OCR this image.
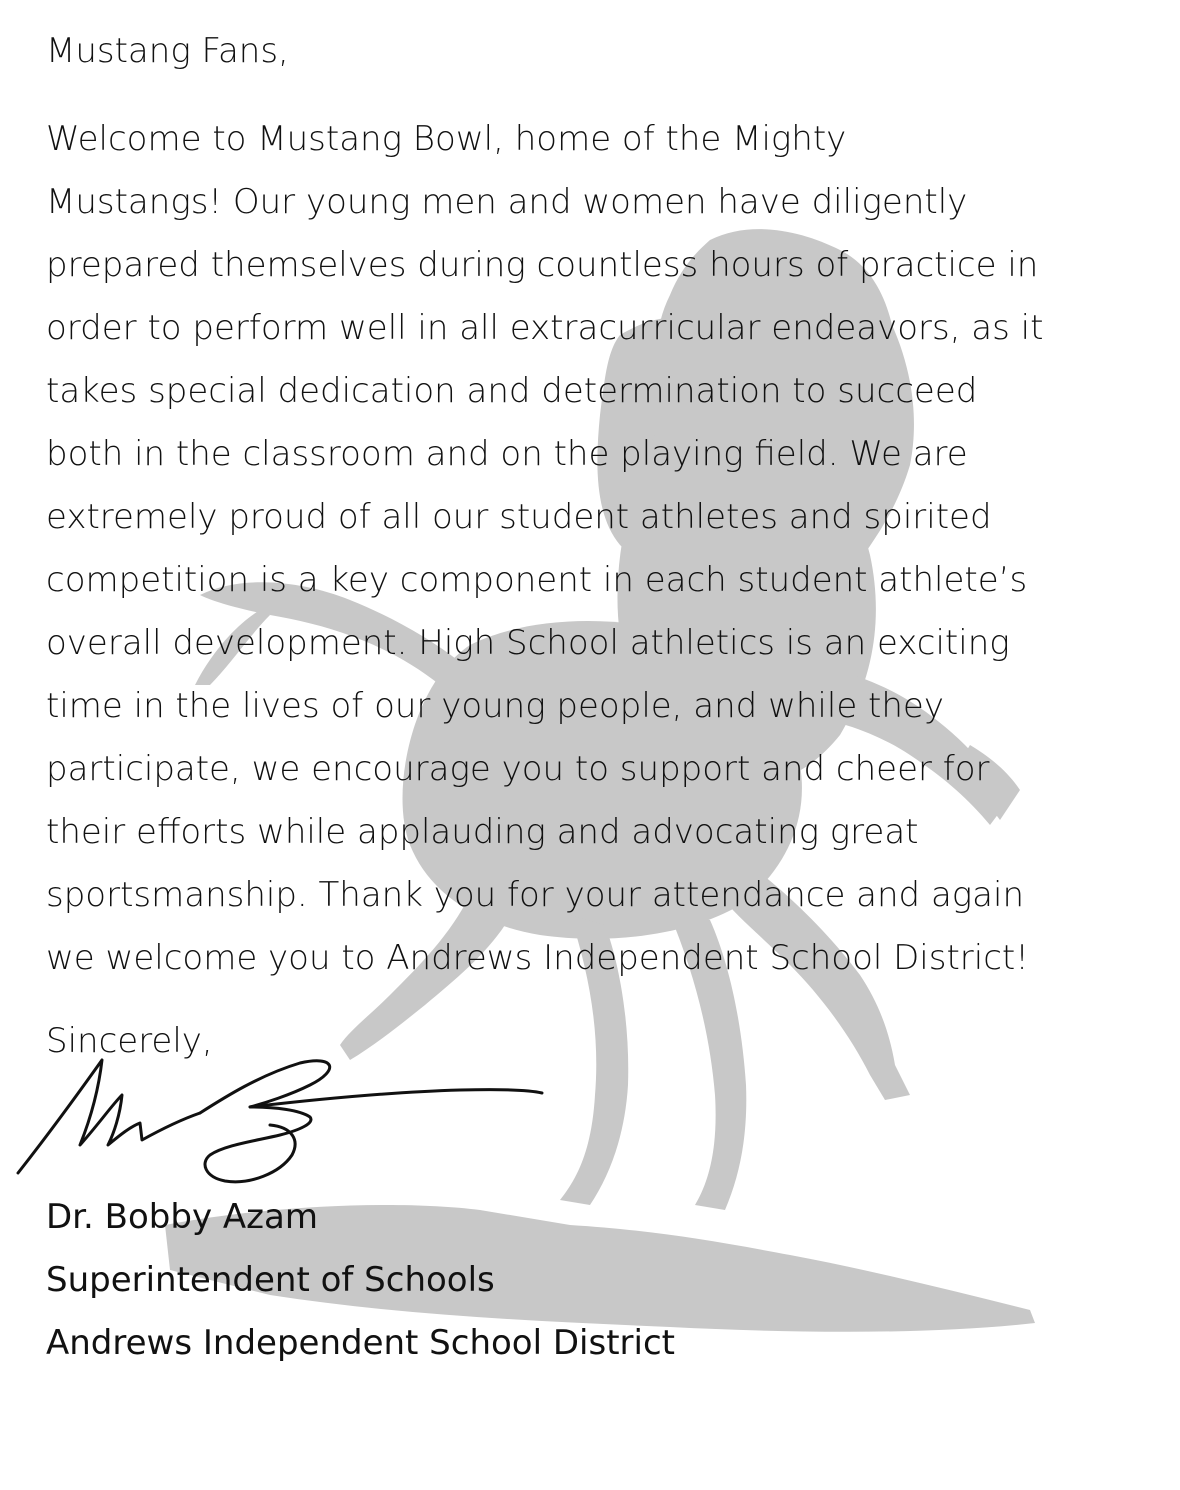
Mustang Fans,

Welcome to Mustang Bowl, home of the Mighty
Mustangs! Our young men and women have diligently
prepared themselves during countless hours of practice in
order to perform well in all extracurricular endeavors, as it
takes special dedication and determination to succeed
both in the classroom and on the playing field. We are
extremely proud of all our student athletes and spirited
competition is a key component in each student athlete’s
overall development. High School athletics is an exciting
time in the lives of our young people, and while they
participate, we encourage you to support and cheer for
their efforts while applauding and advocating great
sportsmanship. Thank you for your attendance and again
we welcome you to Andrews Independent School District!

Sincerely,

Dr. Bobby Azam
Superintendent of Schools
Andrews Independent School District
